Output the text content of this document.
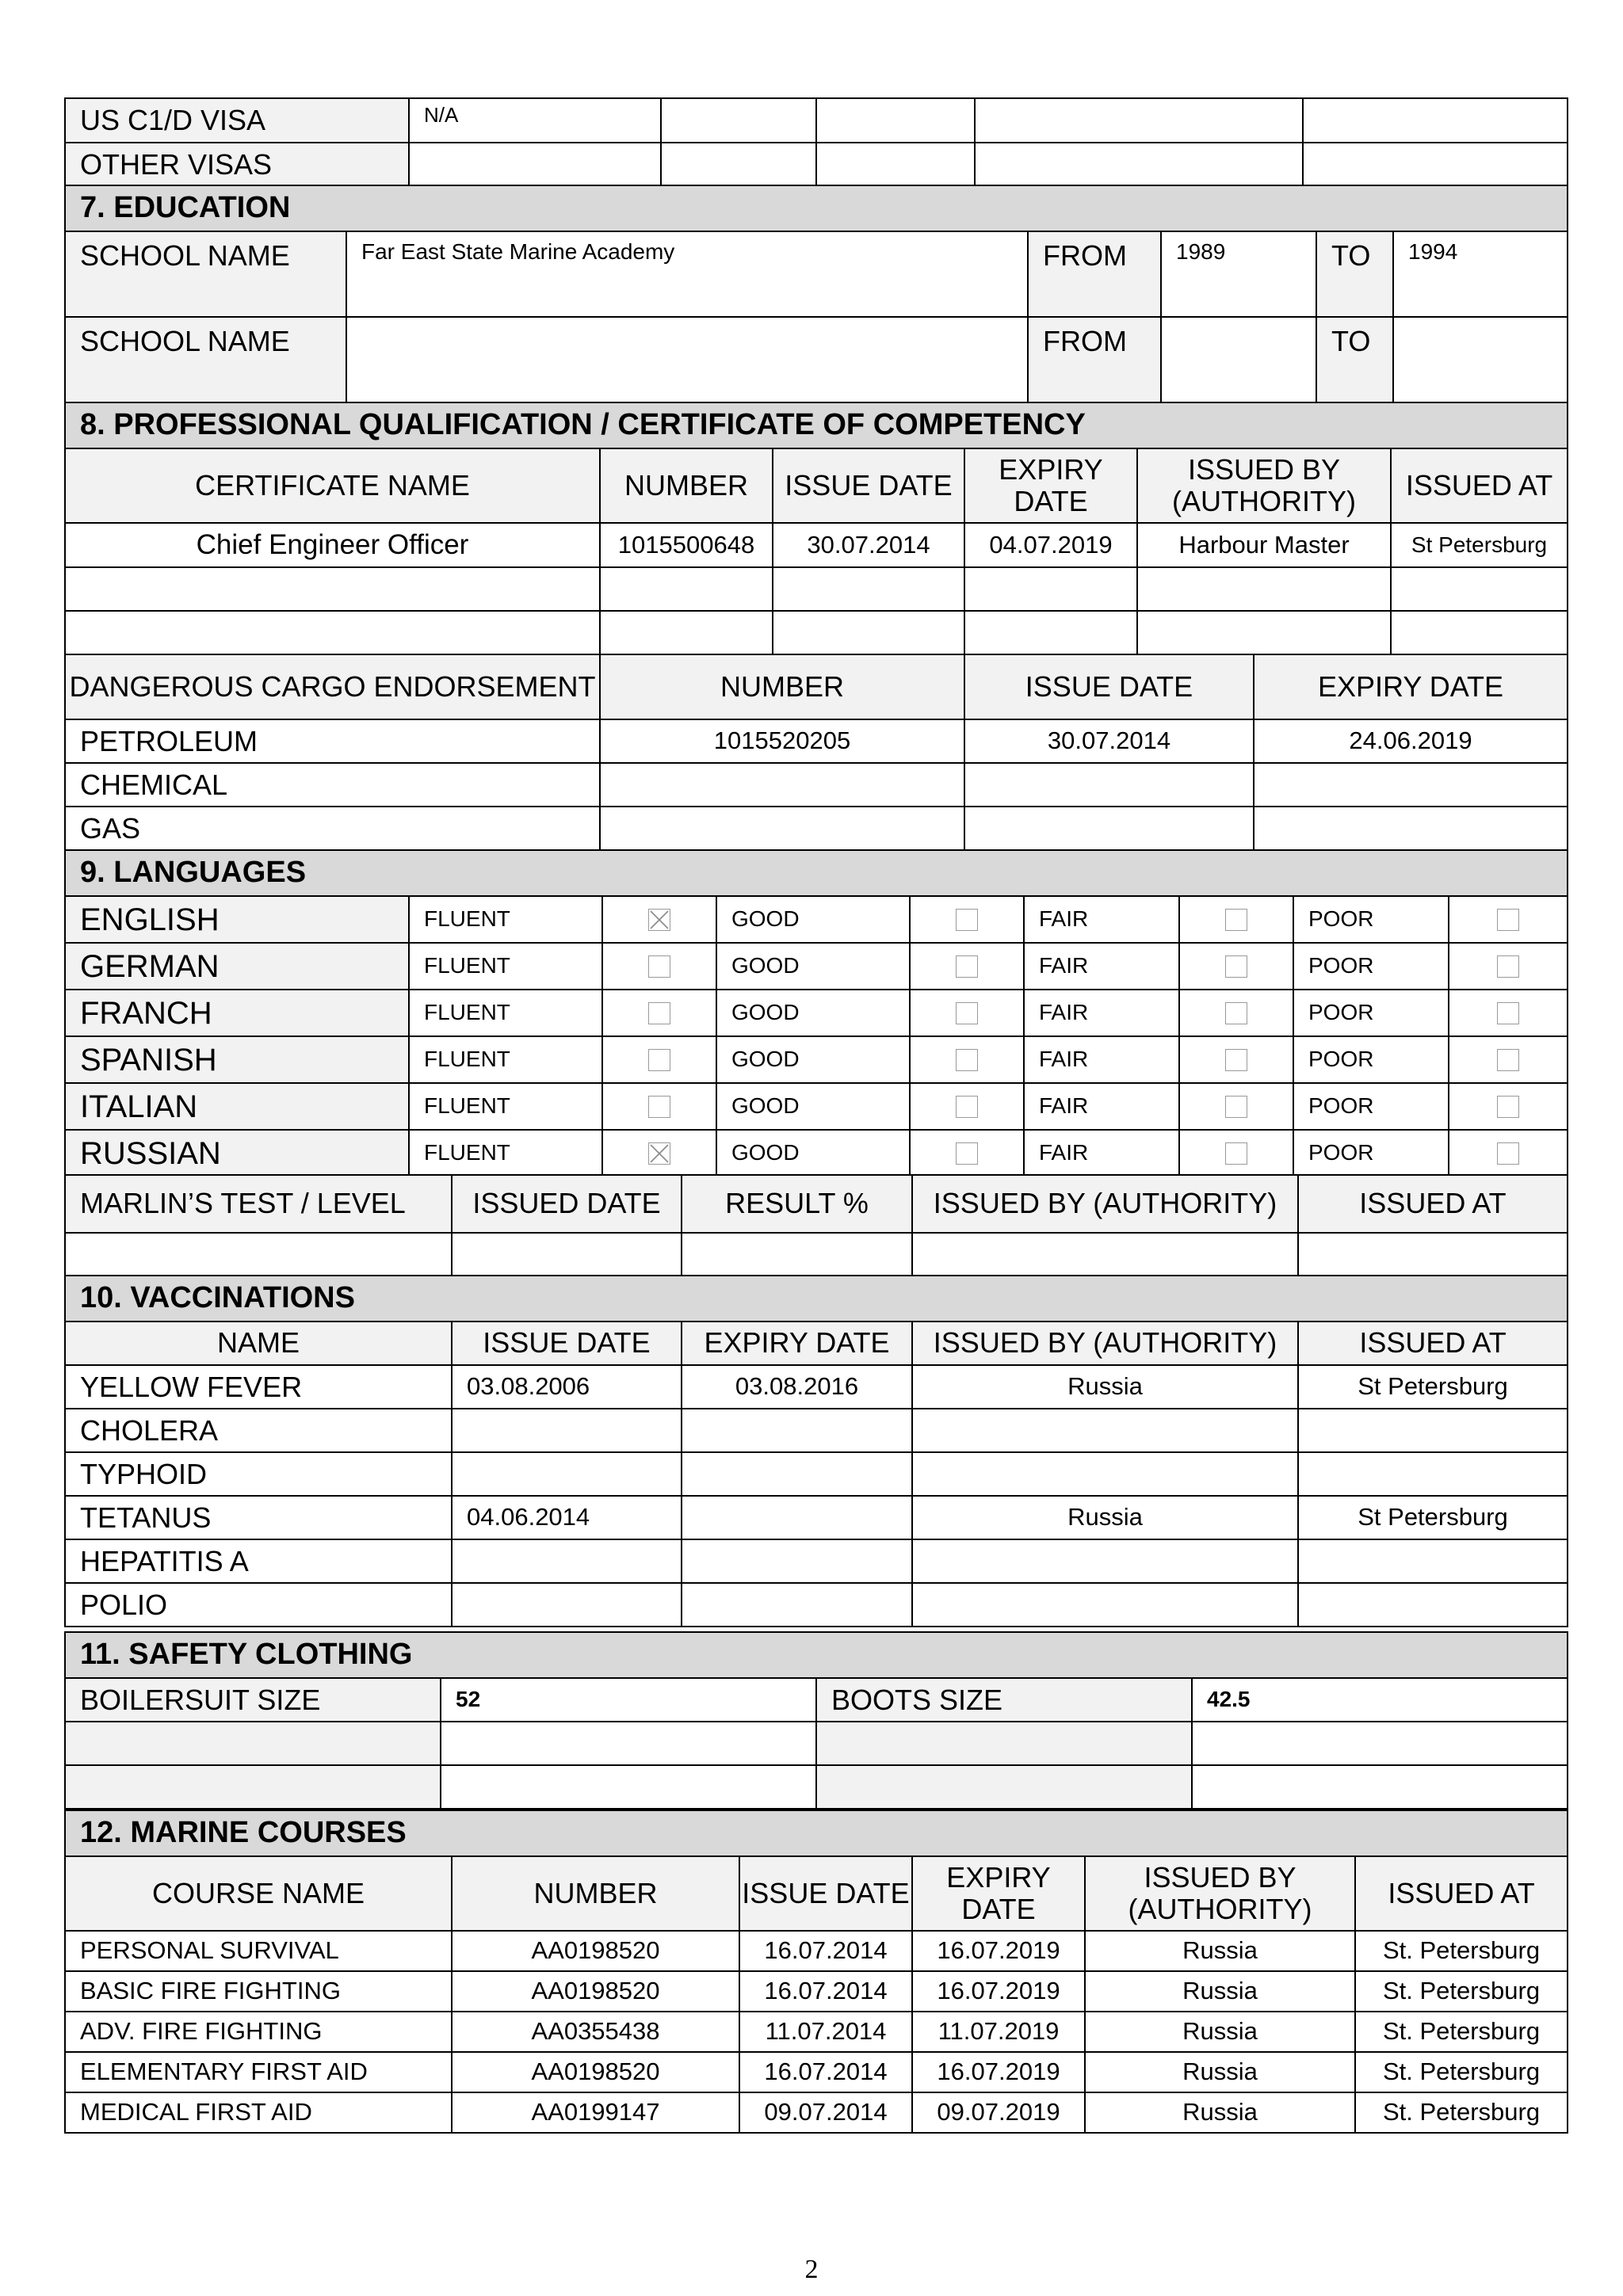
US C1/D VISA	N/A				
OTHER VISAS					
7. EDUCATION					
SCHOOL NAME	Far East State Marine Academy	FROM	1989	TO	1994
SCHOOL NAME		FROM		TO	
8. PROFESSIONAL QUALIFICATION / CERTIFICATE OF COMPETENCY					
CERTIFICATE NAME	NUMBER	ISSUE DATE	EXPIRY DATE	ISSUED BY (AUTHORITY)	ISSUED AT
Chief Engineer Officer	1015500648	30.07.2014	04.07.2019	Harbour Master	St Petersburg

DANGEROUS CARGO ENDORSEMENT	NUMBER	ISSUE DATE	EXPIRY DATE
PETROLEUM	1015520205	30.07.2014	24.06.2019
CHEMICAL			
GAS			
9. LANGUAGES								
ENGLISH	FLUENT		GOOD		FAIR		POOR	
GERMAN	FLUENT		GOOD		FAIR		POOR	
FRANCH	FLUENT		GOOD		FAIR		POOR	
SPANISH	FLUENT		GOOD		FAIR		POOR	
ITALIAN	FLUENT		GOOD		FAIR		POOR	
RUSSIAN	FLUENT		GOOD		FAIR		POOR	
MARLIN’S TEST / LEVEL	ISSUED DATE	RESULT %	ISSUED BY (AUTHORITY)	ISSUED AT

10. VACCINATIONS				
NAME	ISSUE DATE	EXPIRY DATE	ISSUED BY (AUTHORITY)	ISSUED AT
YELLOW FEVER	03.08.2006	03.08.2016	Russia	St Petersburg
CHOLERA				
TYPHOID				
TETANUS	04.06.2014		Russia	St Petersburg
HEPATITIS A				
POLIO				
11. SAFETY CLOTHING			
BOILERSUIT SIZE	52	BOOTS SIZE	42.5

12. MARINE COURSES					
COURSE NAME	NUMBER	ISSUE DATE	EXPIRY DATE	ISSUED BY (AUTHORITY)	ISSUED AT
PERSONAL SURVIVAL	AA0198520	16.07.2014	16.07.2019	Russia	St. Petersburg
BASIC FIRE FIGHTING	AA0198520	16.07.2014	16.07.2019	Russia	St. Petersburg
ADV. FIRE FIGHTING	AA0355438	11.07.2014	11.07.2019	Russia	St. Petersburg
ELEMENTARY FIRST AID	AA0198520	16.07.2014	16.07.2019	Russia	St. Petersburg
MEDICAL FIRST AID	AA0199147	09.07.2014	09.07.2019	Russia	St. Petersburg
2
